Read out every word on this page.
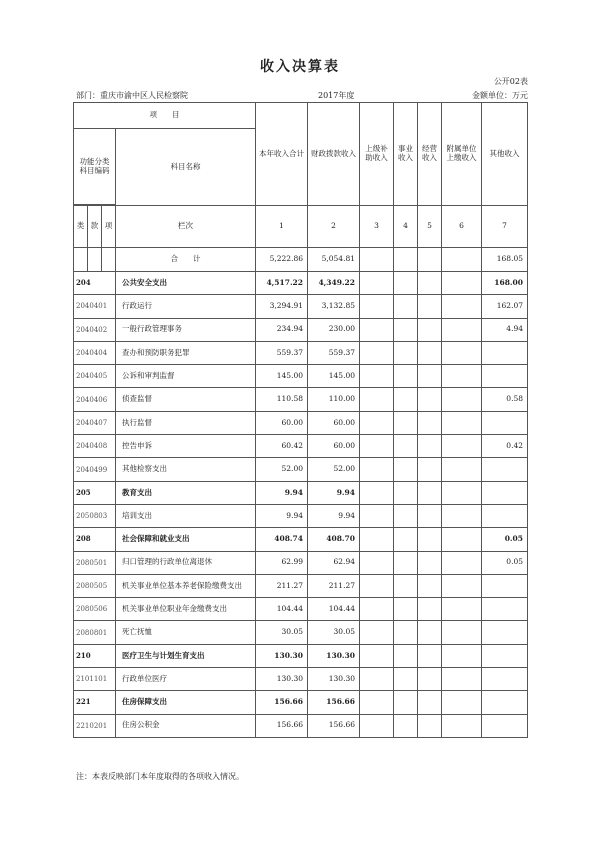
收入决算表
公开02表
部门：重庆市渝中区人民检察院	2017年度	金额单位：万元
项　　目				本年收入合计	财政拨款收入	上级补助收入	事业收入	经营收入	附属单位上缴收入	其他收入
功能分类科目编码			科目名称							

类	款	项	栏次	1	2	3	4	5	6	7
			合　　计	5,222.86	5,054.81					168.05
204			公共安全支出	4,517.22	4,349.22					168.00
2040401			行政运行	3,294.91	3,132.85					162.07
2040402			一般行政管理事务	234.94	230.00					4.94
2040404			查办和预防职务犯罪	559.37	559.37					
2040405			公诉和审判监督	145.00	145.00					
2040406			侦查监督	110.58	110.00					0.58
2040407			执行监督	60.00	60.00					
2040408			控告申诉	60.42	60.00					0.42
2040499			其他检察支出	52.00	52.00					
205			教育支出	9.94	9.94					
2050803			培训支出	9.94	9.94					
208			社会保障和就业支出	408.74	408.70					0.05
2080501			归口管理的行政单位离退休	62.99	62.94					0.05
2080505			机关事业单位基本养老保险缴费支出	211.27	211.27					
2080506			机关事业单位职业年金缴费支出	104.44	104.44					
2080801			死亡抚恤	30.05	30.05					
210			医疗卫生与计划生育支出	130.30	130.30					
2101101			行政单位医疗	130.30	130.30					
221			住房保障支出	156.66	156.66					
2210201			住房公积金	156.66	156.66					
注：本表反映部门本年度取得的各项收入情况。
